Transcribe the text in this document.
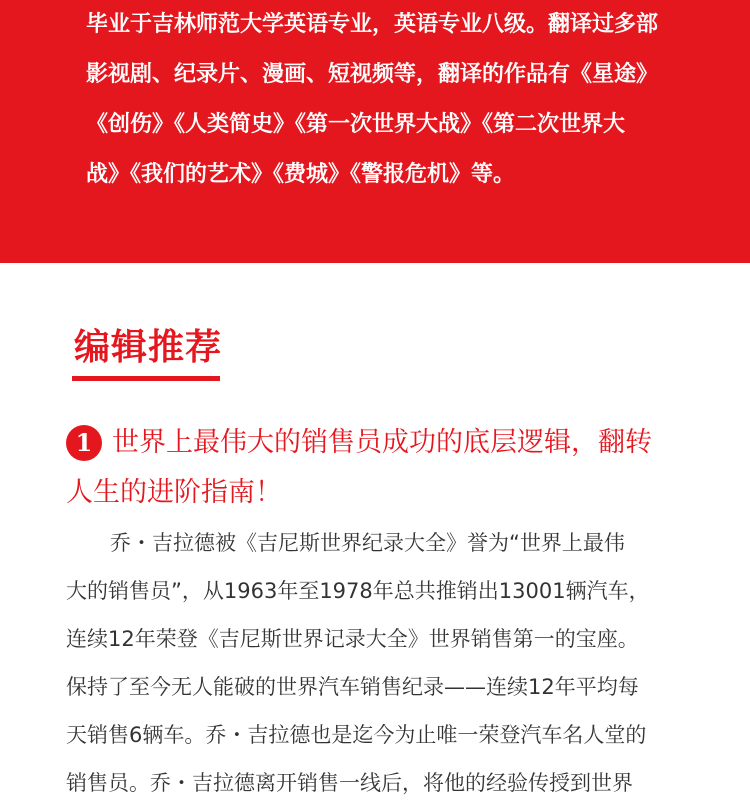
毕业于吉林师范大学英语专业，英语专业八级。翻译过多部
影视剧、纪录片、漫画、短视频等，翻译的作品有《星途》
《创伤》《人类简史》《第一次世界大战》《第二次世界大
战》《我们的艺术》《费城》《警报危机》等。
编辑推荐
1 世界上最伟大的销售员成功的底层逻辑，翻转
人生的进阶指南！
乔・吉拉德被《吉尼斯世界纪录大全》誉为“世界上最伟
大的销售员”，从1963年至1978年总共推销出13001辆汽车，
连续12年荣登《吉尼斯世界记录大全》世界销售第一的宝座。
保持了至今无人能破的世界汽车销售纪录——连续12年平均每
天销售6辆车。乔・吉拉德也是迄今为止唯一荣登汽车名人堂的
销售员。乔・吉拉德离开销售一线后，将他的经验传授到世界
